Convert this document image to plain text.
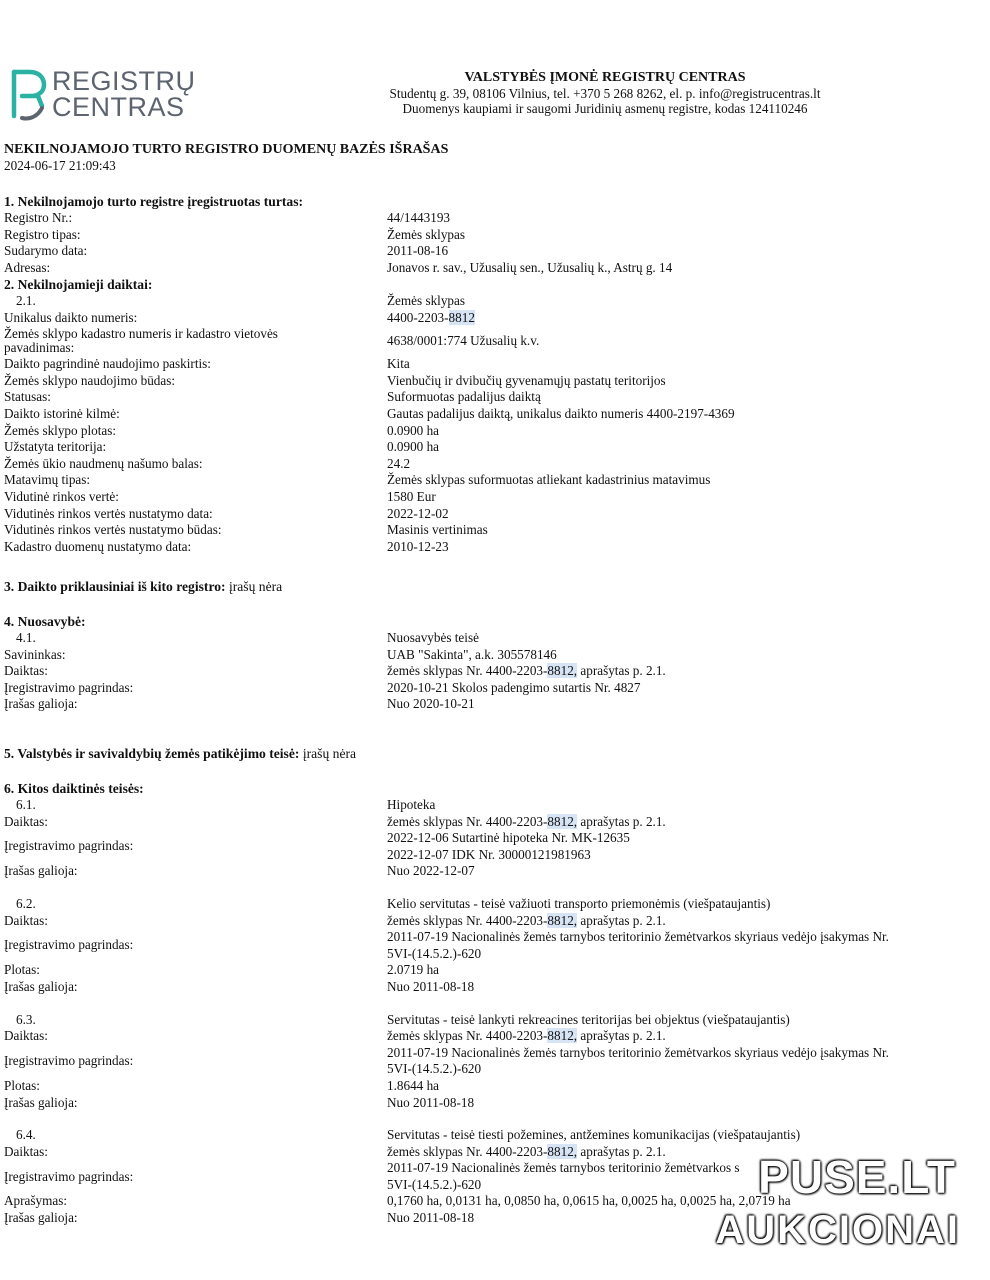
REGISTRŲ
CENTRAS
VALSTYBĖS ĮMONĖ REGISTRŲ CENTRAS
Studentų g. 39, 08106 Vilnius, tel. +370 5 268 8262, el. p. info@registrucentras.lt
Duomenys kaupiami ir saugomi Juridinių asmenų registre, kodas 124110246
NEKILNOJAMOJO TURTO REGISTRO DUOMENŲ BAZĖS IŠRAŠAS
2024-06-17 21:09:43
1. Nekilnojamojo turto registre įregistruotas turtas:
Registro Nr.:	44/1443193
Registro tipas:	Žemės sklypas
Sudarymo data:	2011-08-16
Adresas:	Jonavos r. sav., Užusalių sen., Užusalių k., Astrų g. 14
2. Nekilnojamieji daiktai:
2.1.	Žemės sklypas
Unikalus daikto numeris:	4400-2203-8812
Žemės sklypo kadastro numeris ir kadastro vietovės pavadinimas:	4638/0001:774 Užusalių k.v.
Daikto pagrindinė naudojimo paskirtis:	Kita
Žemės sklypo naudojimo būdas:	Vienbučių ir dvibučių gyvenamųjų pastatų teritorijos
Statusas:	Suformuotas padalijus daiktą
Daikto istorinė kilmė:	Gautas padalijus daiktą, unikalus daikto numeris 4400-2197-4369
Žemės sklypo plotas:	0.0900 ha
Užstatyta teritorija:	0.0900 ha
Žemės ūkio naudmenų našumo balas:	24.2
Matavimų tipas:	Žemės sklypas suformuotas atliekant kadastrinius matavimus
Vidutinė rinkos vertė:	1580 Eur
Vidutinės rinkos vertės nustatymo data:	2022-12-02
Vidutinės rinkos vertės nustatymo būdas:	Masinis vertinimas
Kadastro duomenų nustatymo data:	2010-12-23
3. Daikto priklausiniai iš kito registro: įrašų nėra
4. Nuosavybė:
4.1.	Nuosavybės teisė
Savininkas:	UAB "Sakinta", a.k. 305578146
Daiktas:	žemės sklypas Nr. 4400-2203-8812, aprašytas p. 2.1.
Įregistravimo pagrindas:	2020-10-21 Skolos padengimo sutartis Nr. 4827
Įrašas galioja:	Nuo 2020-10-21
5. Valstybės ir savivaldybių žemės patikėjimo teisė: įrašų nėra
6. Kitos daiktinės teisės:
6.1.	Hipoteka
Daiktas:	žemės sklypas Nr. 4400-2203-8812, aprašytas p. 2.1.
Įregistravimo pagrindas:
2022-12-06 Sutartinė hipoteka Nr. MK-12635
2022-12-07 IDK Nr. 30000121981963
Įrašas galioja:	Nuo 2022-12-07
6.2.	Kelio servitutas - teisė važiuoti transporto priemonėmis (viešpataujantis)
Daiktas:	žemės sklypas Nr. 4400-2203-8812, aprašytas p. 2.1.
Įregistravimo pagrindas:
2011-07-19 Nacionalinės žemės tarnybos teritorinio žemėtvarkos skyriaus vedėjo įsakymas Nr.
5VI-(14.5.2.)-620
Plotas:	2.0719 ha
Įrašas galioja:	Nuo 2011-08-18
6.3.	Servitutas - teisė lankyti rekreacines teritorijas bei objektus (viešpataujantis)
Daiktas:	žemės sklypas Nr. 4400-2203-8812, aprašytas p. 2.1.
Įregistravimo pagrindas:
2011-07-19 Nacionalinės žemės tarnybos teritorinio žemėtvarkos skyriaus vedėjo įsakymas Nr.
5VI-(14.5.2.)-620
Plotas:	1.8644 ha
Įrašas galioja:	Nuo 2011-08-18
6.4.	Servitutas - teisė tiesti požemines, antžemines komunikacijas (viešpataujantis)
Daiktas:	žemės sklypas Nr. 4400-2203-8812, aprašytas p. 2.1.
Įregistravimo pagrindas:
2011-07-19 Nacionalinės žemės tarnybos teritorinio žemėtvarkos s
5VI-(14.5.2.)-620
Aprašymas:	0,1760 ha, 0,0131 ha, 0,0850 ha, 0,0615 ha, 0,0025 ha, 0,0025 ha, 2,0719 ha
Įrašas galioja:	Nuo 2011-08-18
PUSE.LT
AUKCIONAI
